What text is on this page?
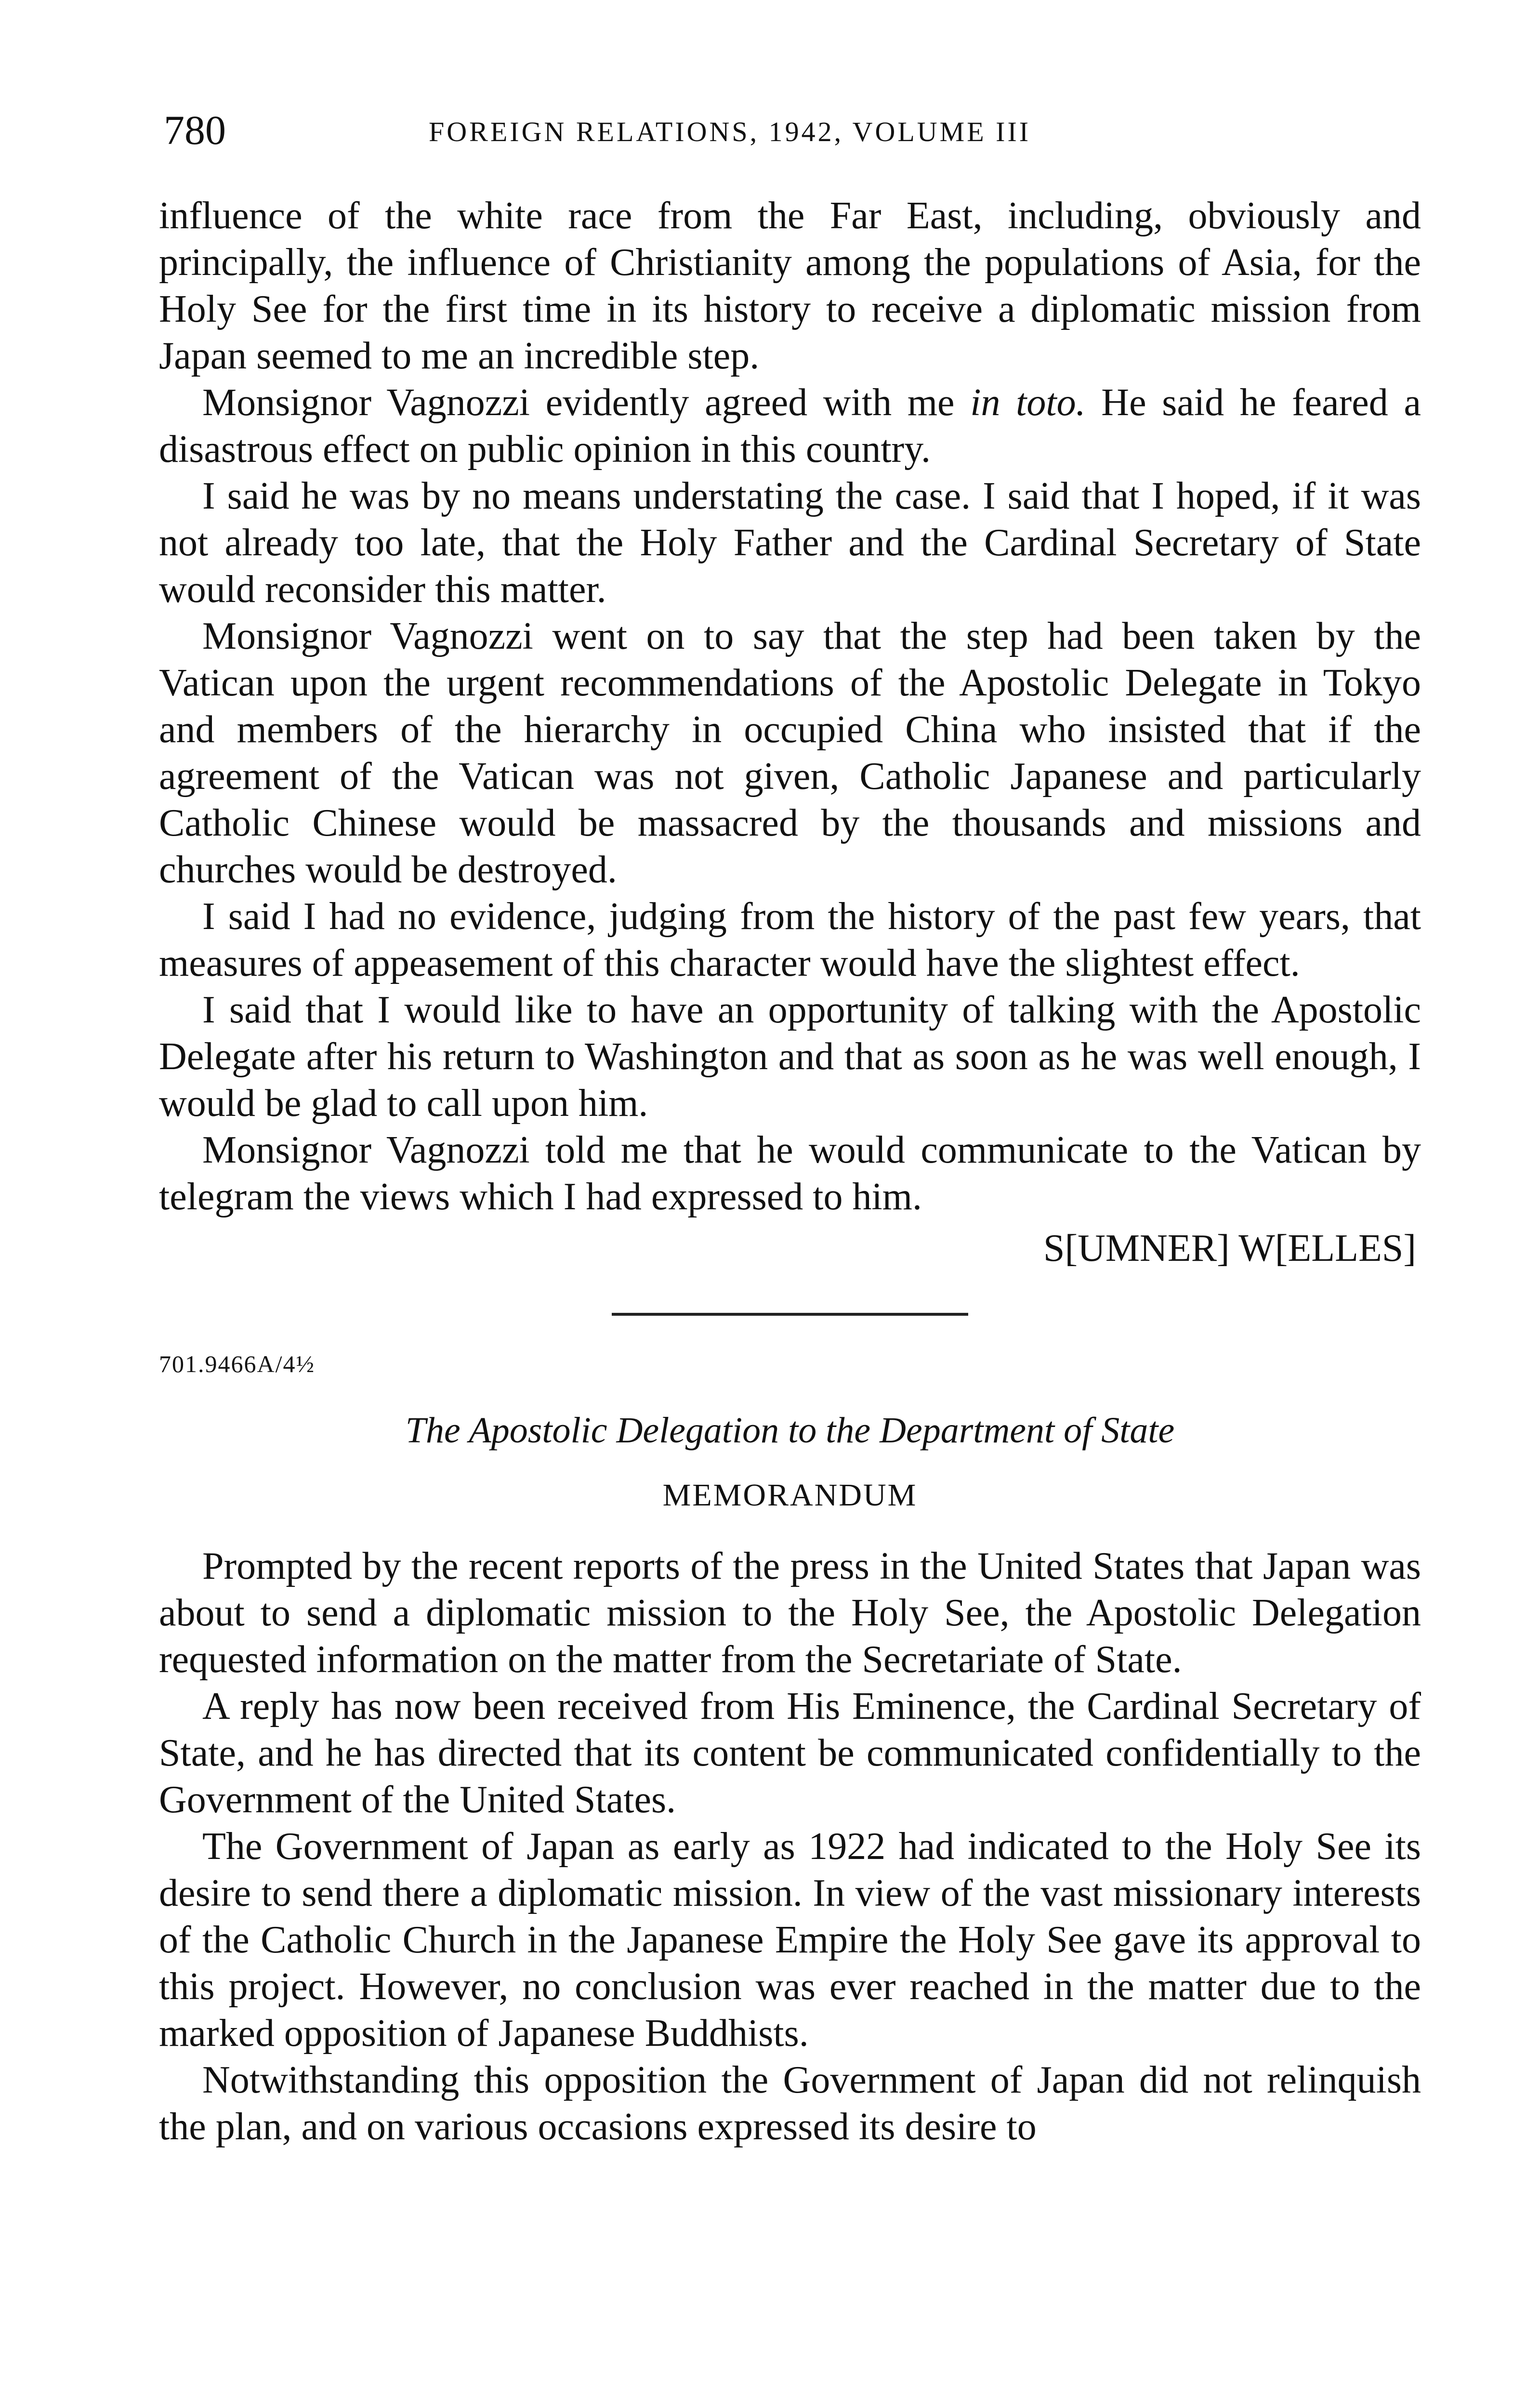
780	FOREIGN RELATIONS, 1942, VOLUME III

influence of the white race from the Far East, including, obviously and principally, the influence of Christianity among the populations of Asia, for the Holy See for the first time in its history to receive a diplomatic mission from Japan seemed to me an incredible step.

Monsignor Vagnozzi evidently agreed with me in toto. He said he feared a disastrous effect on public opinion in this country.

I said he was by no means understating the case. I said that I hoped, if it was not already too late, that the Holy Father and the Cardinal Secretary of State would reconsider this matter.

Monsignor Vagnozzi went on to say that the step had been taken by the Vatican upon the urgent recommendations of the Apostolic Delegate in Tokyo and members of the hierarchy in occupied China who insisted that if the agreement of the Vatican was not given, Catholic Japanese and particularly Catholic Chinese would be massacred by the thousands and missions and churches would be destroyed.

I said I had no evidence, judging from the history of the past few years, that measures of appeasement of this character would have the slightest effect.

I said that I would like to have an opportunity of talking with the Apostolic Delegate after his return to Washington and that as soon as he was well enough, I would be glad to call upon him.

Monsignor Vagnozzi told me that he would communicate to the Vatican by telegram the views which I had expressed to him.

S[UMNER] W[ELLES]

701.9466A/4½

The Apostolic Delegation to the Department of State

MEMORANDUM

Prompted by the recent reports of the press in the United States that Japan was about to send a diplomatic mission to the Holy See, the Apostolic Delegation requested information on the matter from the Secretariate of State.

A reply has now been received from His Eminence, the Cardinal Secretary of State, and he has directed that its content be communicated confidentially to the Government of the United States.

The Government of Japan as early as 1922 had indicated to the Holy See its desire to send there a diplomatic mission. In view of the vast missionary interests of the Catholic Church in the Japanese Empire the Holy See gave its approval to this project. However, no conclusion was ever reached in the matter due to the marked opposition of Japanese Buddhists.

Notwithstanding this opposition the Government of Japan did not relinquish the plan, and on various occasions expressed its desire to
